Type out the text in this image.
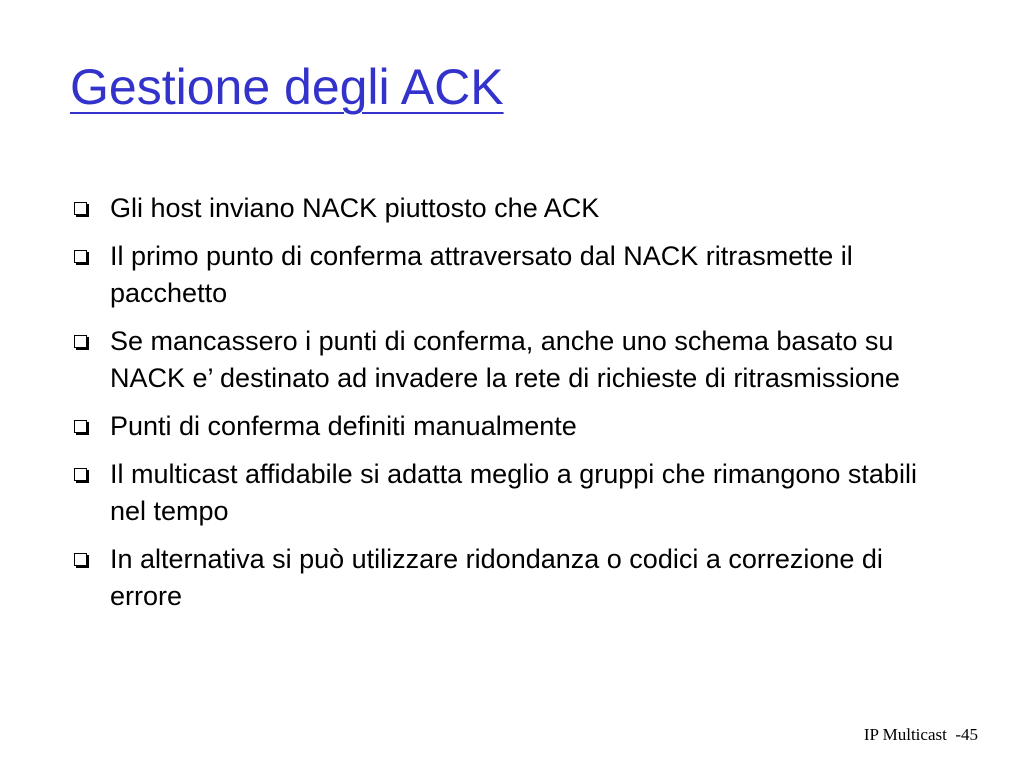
Gestione degli ACK
Gli host inviano NACK piuttosto che ACK
Il primo punto di conferma attraversato dal NACK ritrasmette il pacchetto
Se mancassero i punti di conferma, anche uno schema basato su NACK e’ destinato ad invadere la rete di richieste di ritrasmissione
Punti di conferma definiti manualmente
Il multicast affidabile si adatta meglio a gruppi che rimangono stabili nel tempo
In alternativa si può utilizzare ridondanza o codici a correzione di errore
IP Multicast  -45
